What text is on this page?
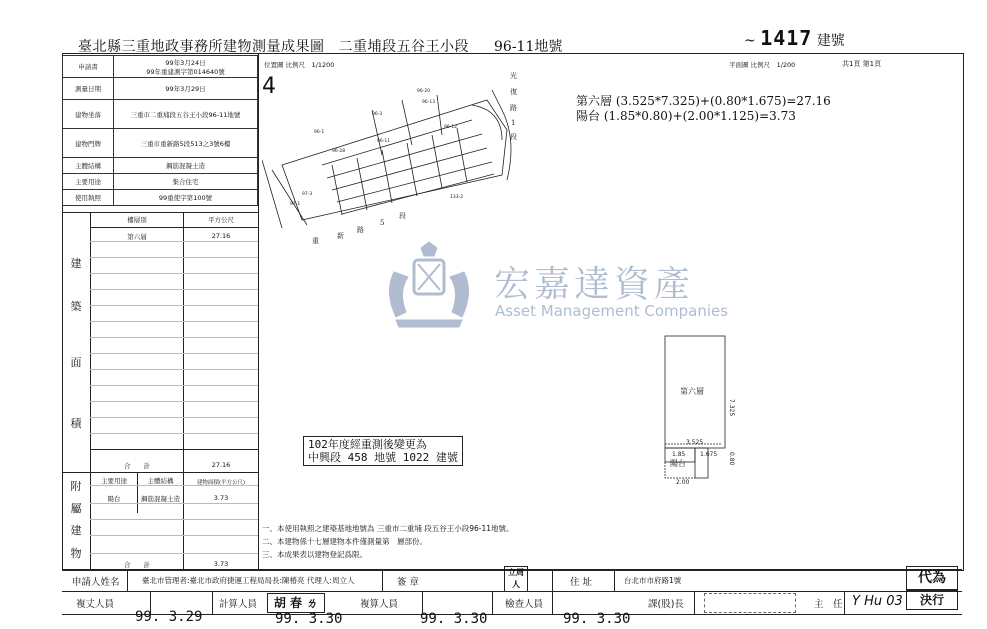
臺北縣三重地政事務所建物測量成果圖 二重埔段五谷王小段 96-11地號	~ 1417 建號
申請書	99年3月24日
99年重建測字第014640號

測量日期	99年3月29日
建物坐落	三重市二重埔段五谷王小段96-11地號
建物門牌	三重市重新路5段513之3號6樓
主體結構	鋼筋混凝土造
主要用途	集合住宅
使用執照	99重使字第100號
樓層別	平方公尺
第六層	27.16
合　　計	27.16
建
築
面
積
主要用途	主體結構	建物面積(平方公尺)
陽台	鋼筋混凝土造	3.73
合　　計	3.73
附
屬
建
物
位置圖 比例尺　1/1200
4
平面圖 比例尺　1/200	共1頁 第1頁
96-20
96-13
96-3
96-1
96-11
96-12
96-28
97-3
97-1
133-2
光
復
路
1
段
重
新
路
5
段
第六層 (3.525*7.325)+(0.80*1.675)=27.16
陽台 (1.85*0.80)+(2.00*1.125)=3.73
宏嘉達資產
Asset Management Companies
第六層
7.325
3.525
1.85 1.675 0.80
陽台
2.00
102年度經重測後變更為
中興段 458 地號 1022 建號
一、本使用執照之建築基地地號為 三重市二重埔 段五谷王小段96-11地號。
二、本建物係十七層建物本件僅測量第　層部份。
三、本成果表以建物登記爲限。
申請人姓名	臺北市管理者:臺北市政府捷運工程局局長:陳椿亮 代理人:周立人	簽 章
立周人	住 址	台北市市府路1號	代為
複丈人員	計算人員	胡 春 ㄌ	複算人員	檢查人員	課(股)長	主　任 Y Hu 03	決行
99. 3.29	99. 3.30	99. 3.30	99. 3.30
